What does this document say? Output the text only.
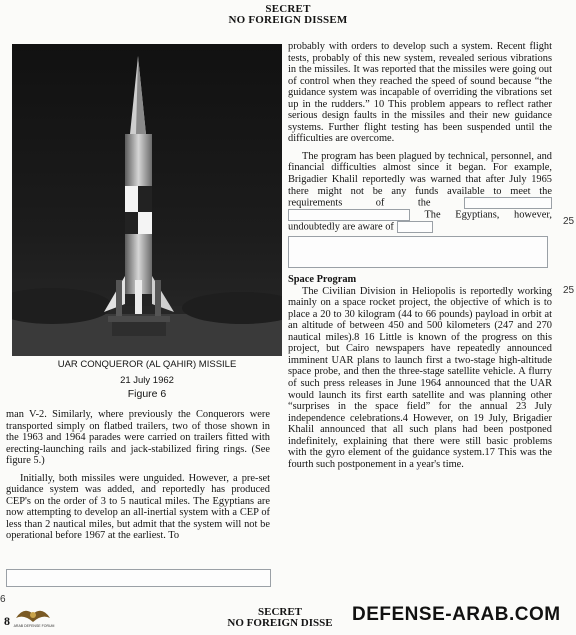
SECRET
NO FOREIGN DISSEM
UAR CONQUEROR (AL QAHIR) MISSILE
21 July 1962
Figure 6

man V-2. Similarly, where previously the Conquerors were transported simply on flatbed trailers, two of those shown in the 1963 and 1964 parades were carried on trailers fitted with erecting-launching rails and jack-stabilized firing rings. (See figure 5.)

Initially, both missiles were unguided. However, a pre-set guidance system was added, and reportedly has produced CEP's on the order of 3 to 5 nautical miles. The Egyptians are now attempting to develop an all-inertial system with a CEP of less than 2 nautical miles, but admit that the system will not be operational before 1967 at the earliest. To

probably with orders to develop such a system. Recent flight tests, probably of this new system, revealed serious vibrations in the missiles. It was reported that the missiles were going out of control when they reached the speed of sound because “the guidance system was incapable of overriding the vibrations set up in the rudders.” 10 This problem appears to reflect rather serious design faults in the missiles and their new guidance systems. Further flight testing has been suspended until the difficulties are overcome.

The program has been plagued by technical, personnel, and financial difficulties almost since it began. For example, Brigadier Khalil reportedly was warned that after July 1965 there might not be any funds available to meet the requirements of the   The Egyptians, however, undoubtedly are aware of

Space Program

The Civilian Division in Heliopolis is reportedly working mainly on a space rocket project, the objective of which is to place a 20 to 30 kilogram (44 to 66 pounds) payload in orbit at an altitude of between 450 and 500 kilometers (247 and 270 nautical miles).8 16 Little is known of the progress on this project, but Cairo newspapers have repeatedly announced imminent UAR plans to launch first a two-stage high-altitude space probe, and then the three-stage satellite vehicle. A flurry of such press releases in June 1964 announced that the UAR would launch its first earth satellite and was planning other “surprises in the space field” for the annual 23 July independence celebrations.4 However, on 19 July, Brigadier Khalil announced that all such plans had been postponed indefinitely, explaining that there were still basic problems with the gyro element of the guidance system.17 This was the fourth such postponement in a year's time.

25
25
6
8
SECRET
NO FOREIGN DISSE
ARAB DEFENSE FORUM
DEFENSE-ARAB.COM
